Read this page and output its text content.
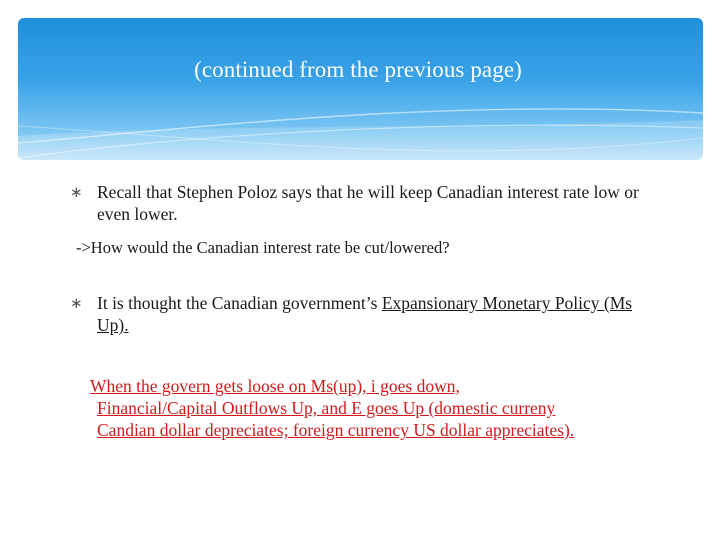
(continued from the previous page)
∗ Recall that Stephen Poloz says that he will keep Canadian interest rate low or even lower.
->How would the Canadian interest rate be cut/lowered?
∗ It is thought the Canadian government’s Expansionary Monetary Policy (Ms Up).
When the govern gets loose on Ms(up), i goes down,
Financial/Capital Outflows Up, and E goes Up (domestic curreny
Candian dollar depreciates; foreign currency US dollar appreciates).
